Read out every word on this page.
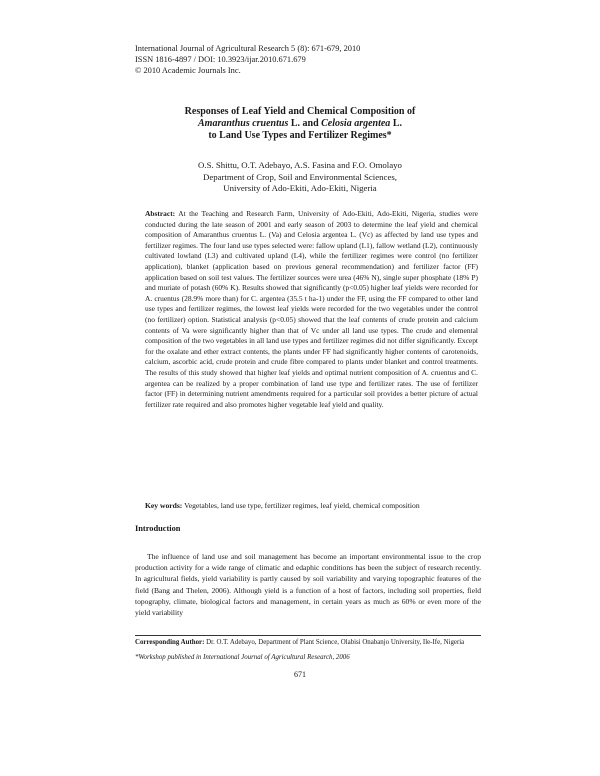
International Journal of Agricultural Research 5 (8): 671-679, 2010
ISSN 1816-4897 / DOI: 10.3923/ijar.2010.671.679
© 2010 Academic Journals Inc.
Responses of Leaf Yield and Chemical Composition of
Amaranthus cruentus L. and Celosia argentea L.
to Land Use Types and Fertilizer Regimes*
O.S. Shittu, O.T. Adebayo, A.S. Fasina and F.O. Omolayo
Department of Crop, Soil and Environmental Sciences,
University of Ado-Ekiti, Ado-Ekiti, Nigeria
Abstract: At the Teaching and Research Farm, University of Ado-Ekiti, Ado-Ekiti, Nigeria, studies were conducted during the late season of 2001 and early season of 2003 to determine the leaf yield and chemical composition of Amaranthus cruentus L. (Va) and Celosia argentea L. (Vc) as affected by land use types and fertilizer regimes. The four land use types selected were: fallow upland (L1), fallow wetland (L2), continuously cultivated lowland (L3) and cultivated upland (L4), while the fertilizer regimes were control (no fertilizer application), blanket (application based on previous general recommendation) and fertilizer factor (FF) application based on soil test values. The fertilizer sources were urea (46% N), single super phosphate (18% P) and muriate of potash (60% K). Results showed that significantly (p<0.05) higher leaf yields were recorded for A. cruentus (28.9% more than) for C. argentea (35.5 t ha-1) under the FF, using the FF compared to other land use types and fertilizer regimes, the lowest leaf yields were recorded for the two vegetables under the control (no fertilizer) option. Statistical analysis (p<0.05) showed that the leaf contents of crude protein and calcium contents of Va were significantly higher than that of Vc under all land use types. The crude and elemental composition of the two vegetables in all land use types and fertilizer regimes did not differ significantly. Except for the oxalate and ether extract contents, the plants under FF had significantly higher contents of carotenoids, calcium, ascorbic acid, crude protein and crude fibre compared to plants under blanket and control treatments. The results of this study showed that higher leaf yields and optimal nutrient composition of A. cruentus and C. argentea can be realized by a proper combination of land use type and fertilizer rates. The use of fertilizer factor (FF) in determining nutrient amendments required for a particular soil provides a better picture of actual fertilizer rate required and also promotes higher vegetable leaf yield and quality.
Key words: Vegetables, land use type, fertilizer regimes, leaf yield, chemical composition
Introduction
The influence of land use and soil management has become an important environmental issue to the crop production activity for a wide range of climatic and edaphic conditions has been the subject of research recently. In agricultural fields, yield variability is partly caused by soil variability and varying topographic features of the field (Bang and Thelen, 2006). Although yield is a function of a host of factors, including soil properties, field topography, climate, biological factors and management, in certain years as much as 60% or even more of the yield variability
Corresponding Author: Dr. O.T. Adebayo, Department of Plant Science, Olabisi Onabanjo University, Ile-Ife, Nigeria
*Workshop published in International Journal of Agricultural Research, 2006
671
